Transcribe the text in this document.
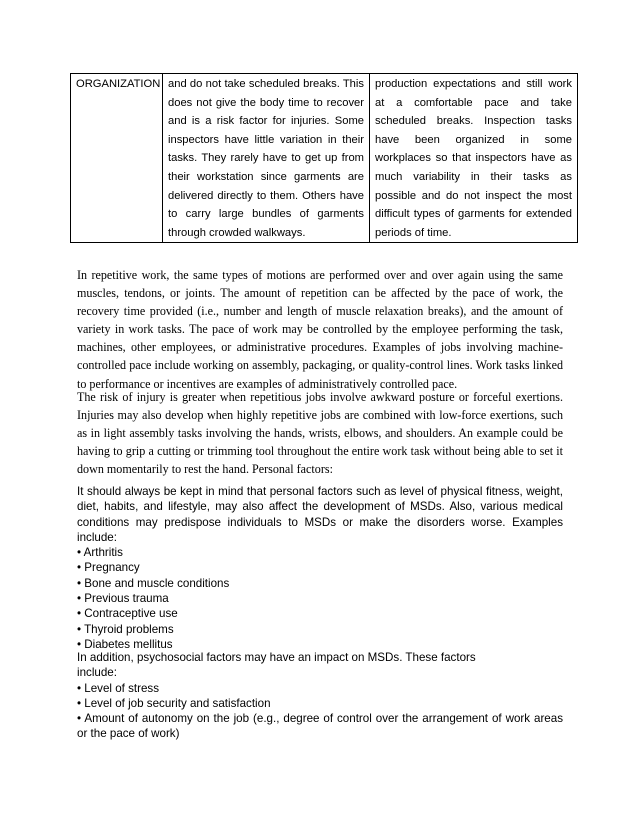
ORGANIZATION	and do not take scheduled breaks. This does not give the body time to recover and is a risk factor for injuries. Some inspectors have little variation in their tasks. They rarely have to get up from their workstation since garments are delivered directly to them. Others have to carry large bundles of garments through crowded walkways.	production expectations and still work at a comfortable pace and take scheduled breaks. Inspection tasks have been organized in some workplaces so that inspectors have as much variability in their tasks as possible and do not inspect the most difficult types of garments for extended periods of time.

In repetitive work, the same types of motions are performed over and over again using the same muscles, tendons, or joints. The amount of repetition can be affected by the pace of work, the recovery time provided (i.e., number and length of muscle relaxation breaks), and the amount of variety in work tasks. The pace of work may be controlled by the employee performing the task, machines, other employees, or administrative procedures. Examples of jobs involving machine-controlled pace include working on assembly, packaging, or quality-control lines. Work tasks linked to performance or incentives are examples of administratively controlled pace.

The risk of injury is greater when repetitious jobs involve awkward posture or forceful exertions. Injuries may also develop when highly repetitive jobs are combined with low-force exertions, such as in light assembly tasks involving the hands, wrists, elbows, and shoulders. An example could be having to grip a cutting or trimming tool throughout the entire work task without being able to set it down momentarily to rest the hand. Personal factors:

It should always be kept in mind that personal factors such as level of physical fitness, weight, diet, habits, and lifestyle, may also affect the development of MSDs. Also, various medical conditions may predispose individuals to MSDs or make the disorders worse. Examples include:
• Arthritis
• Pregnancy
• Bone and muscle conditions
• Previous trauma
• Contraceptive use
• Thyroid problems
• Diabetes mellitus
In addition, psychosocial factors may have an impact on MSDs. These factors
include:
• Level of stress
• Level of job security and satisfaction
• Amount of autonomy on the job (e.g., degree of control over the arrangement of work areas or the pace of work)
